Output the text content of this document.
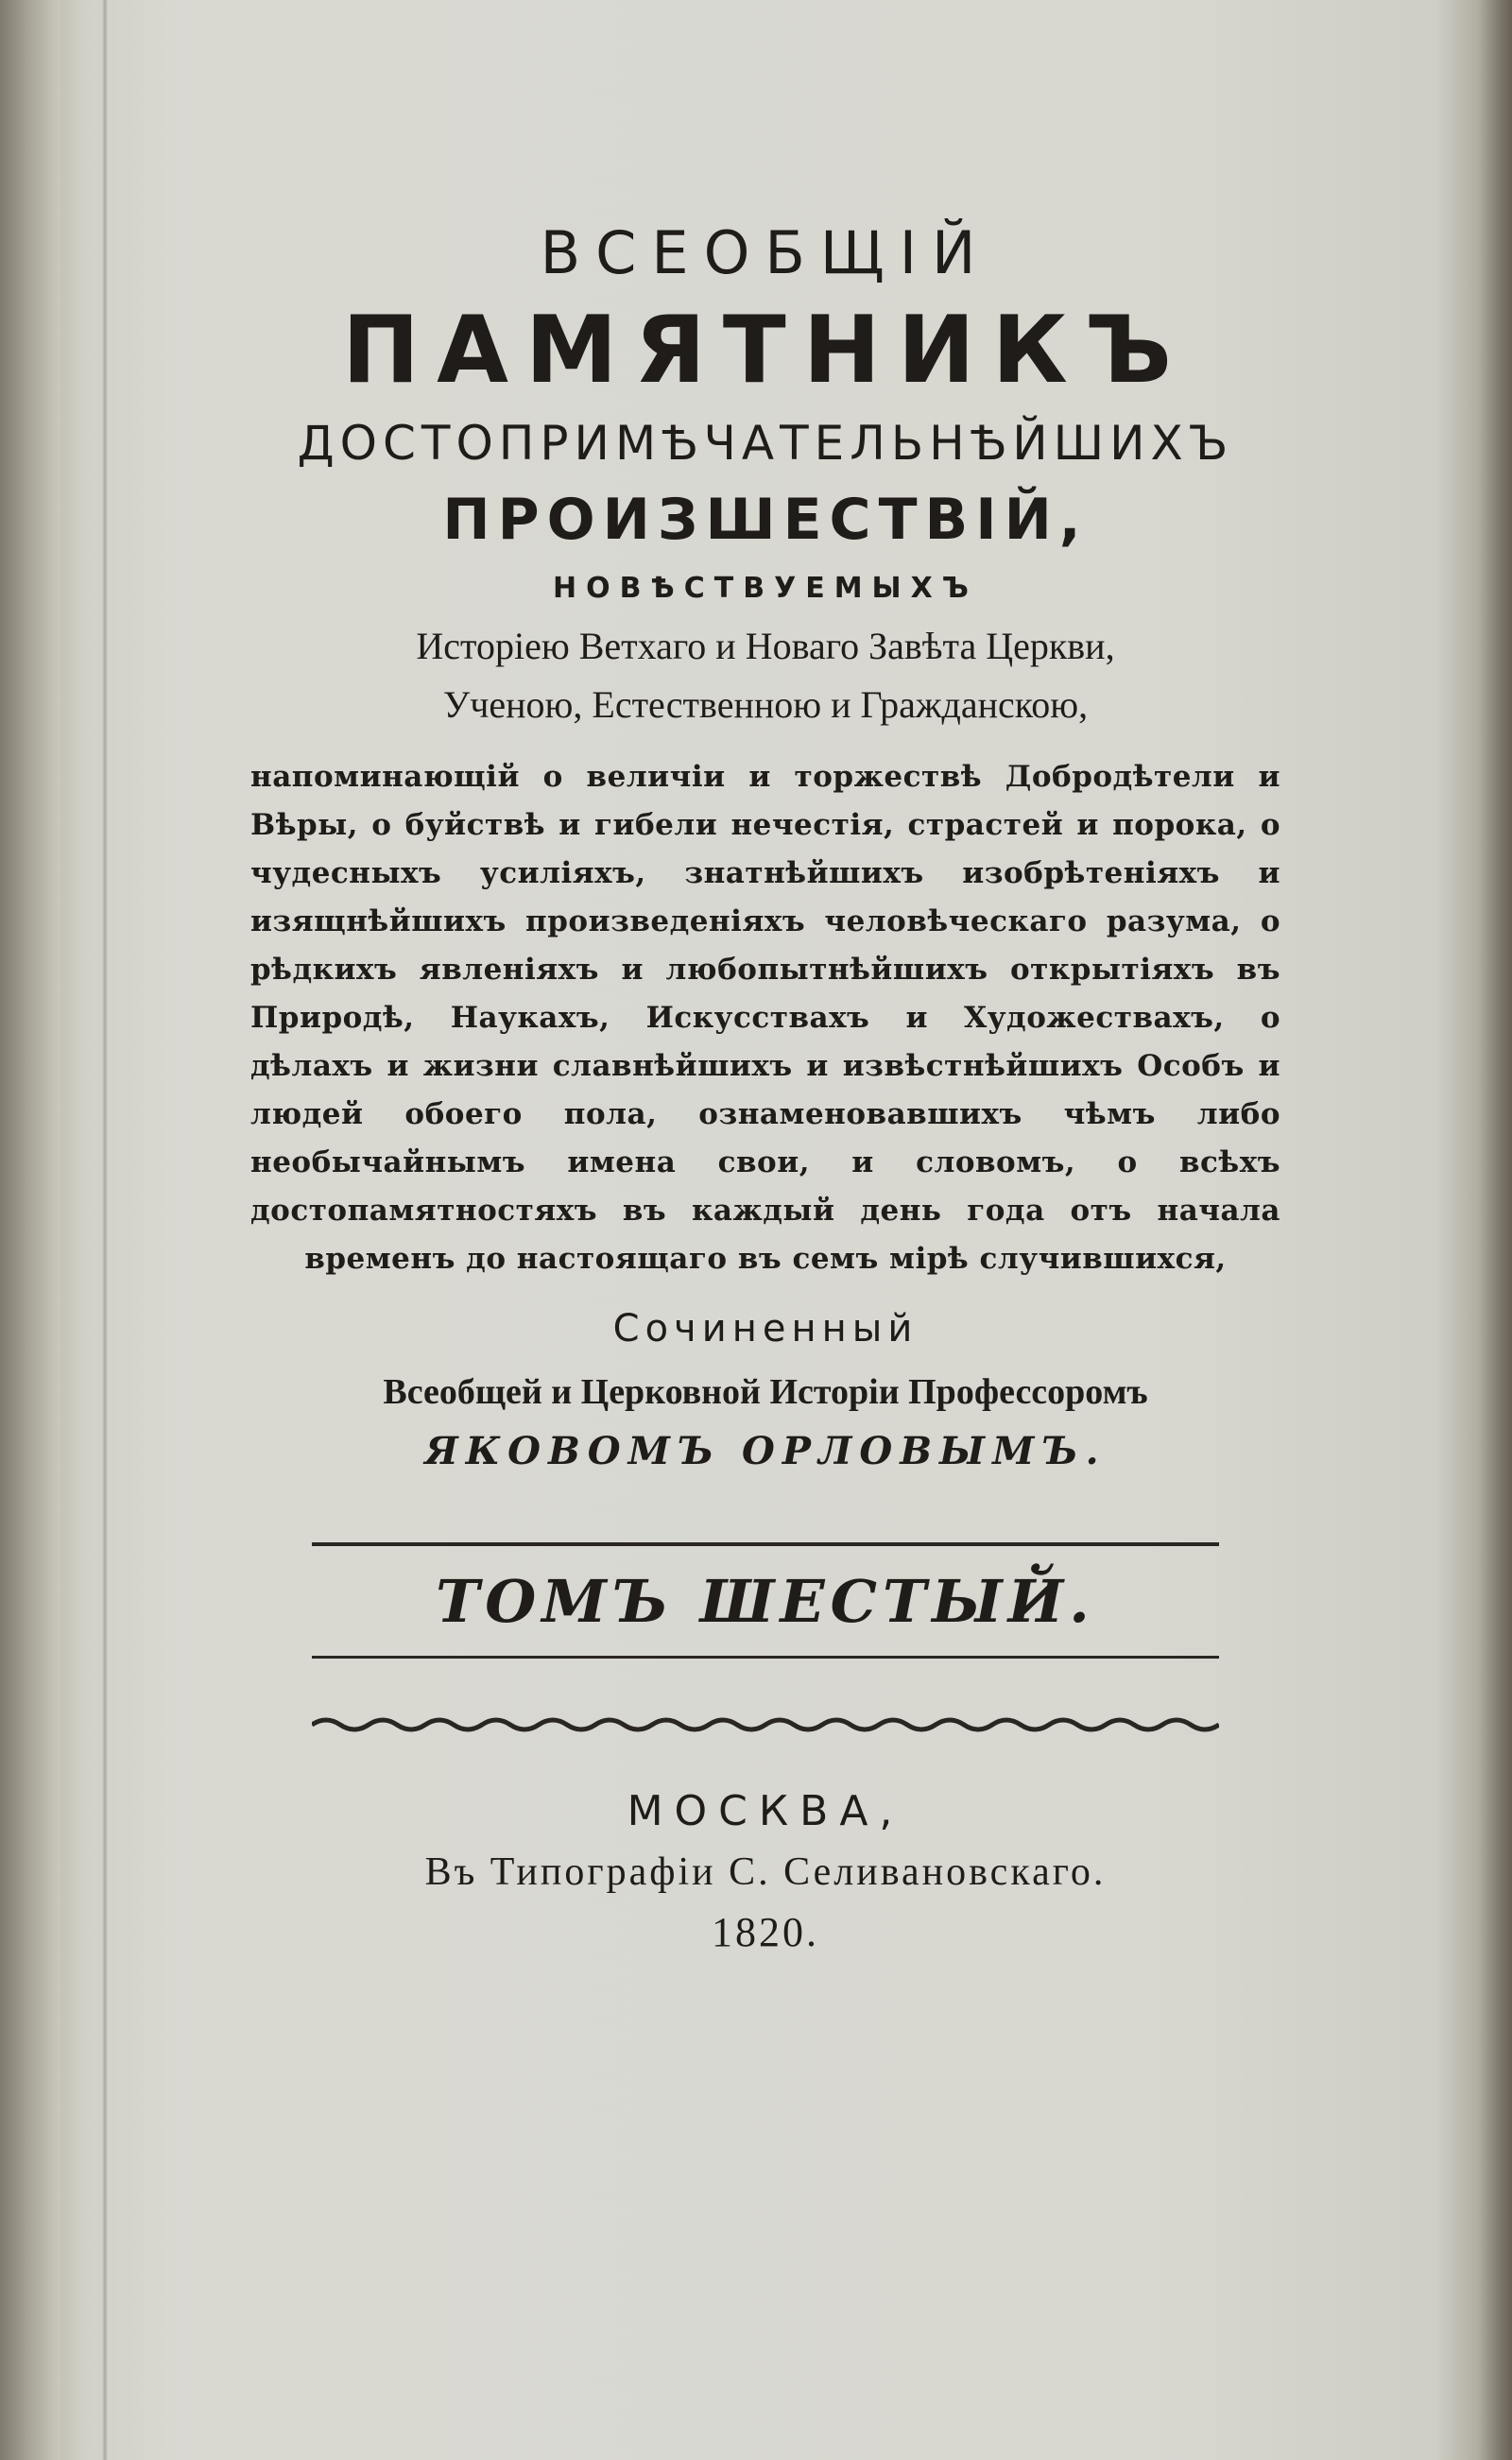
ВСЕОБЩІЙ
ПАМЯТНИКЪ
ДОСТОПРИМѢЧАТЕЛЬНѢЙШИХЪ
ПРОИЗШЕСТВІЙ,
НОВѢСТВУЕМЫХЪ
Исторіею Ветхаго и Новаго Завѣта Церкви,
Ученою, Естественною и Гражданскою,

напоминающій о величіи и торжествѣ Добродѣтели и Вѣры, о буйствѣ и гибели нечестія, страстей и порока, о чудесныхъ усиліяхъ, знатнѣйшихъ изобрѣтеніяхъ и изящнѣйшихъ произведеніяхъ человѣческаго разума, о рѣдкихъ явленіяхъ и любопытнѣйшихъ открытіяхъ въ Природѣ, Наукахъ, Искусствахъ и Художествахъ, о дѣлахъ и жизни славнѣйшихъ и извѣстнѣйшихъ Особъ и людей обоего пола, ознаменовавшихъ чѣмъ либо необычайнымъ имена свои, и словомъ, о всѣхъ достопамятностяхъ въ каждый день года отъ начала временъ до настоящаго въ семъ мірѣ случившихся,

Сочиненный
Всеобщей и Церковной Исторіи Профессоромъ
ЯКОВОМЪ ОРЛОВЫМЪ.
ТОМЪ ШЕСТЫЙ.
МОСКВА,
Въ Типографіи С. Селивановскаго.
1820.
